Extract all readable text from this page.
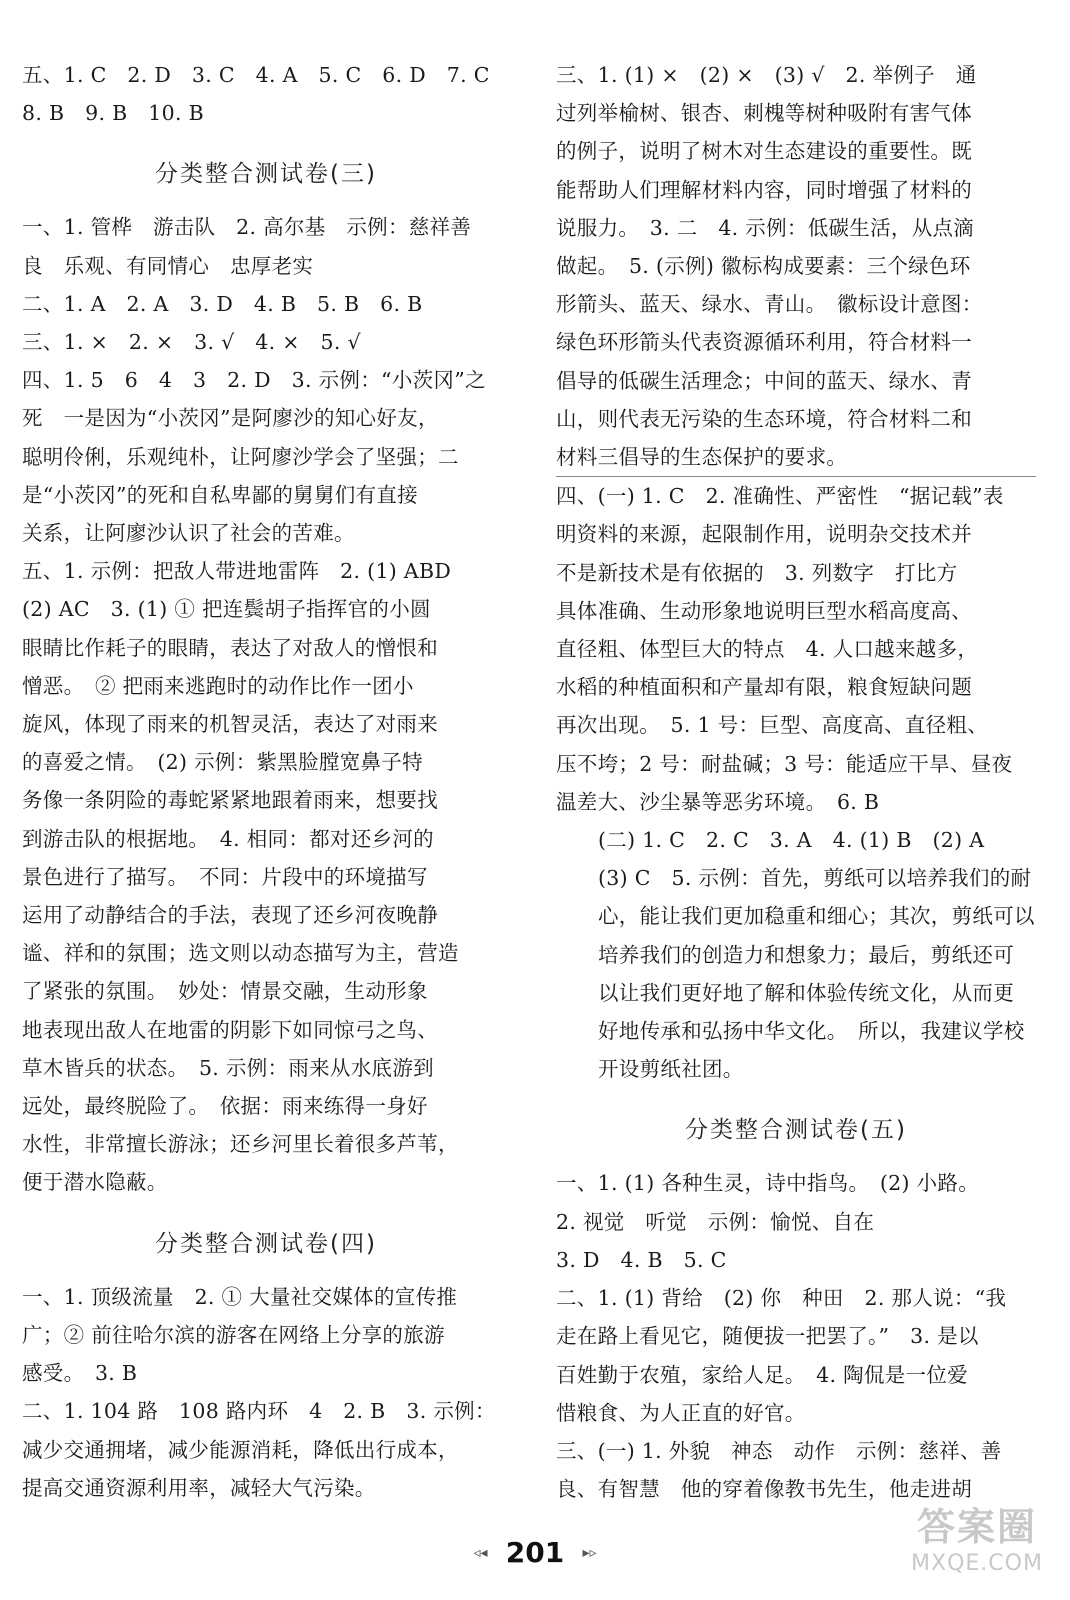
五、1. C　2. D　3. C　4. A　5. C　6. D　7. C
8. B　9. B　10. B
分类整合测试卷(三)
一、1. 管桦　游击队　2. 高尔基　示例：慈祥善
良　乐观、有同情心　忠厚老实
二、1. A　2. A　3. D　4. B　5. B　6. B
三、1. ×　2. ×　3. √　4. ×　5. √
四、1. 5　6　4　3　2. D　3. 示例：“小茨冈”之
死　一是因为“小茨冈”是阿廖沙的知心好友，
聪明伶俐，乐观纯朴，让阿廖沙学会了坚强；二
是“小茨冈”的死和自私卑鄙的舅舅们有直接
关系，让阿廖沙认识了社会的苦难。
五、1. 示例：把敌人带进地雷阵　2. (1) ABD
(2) AC　3. (1) ① 把连鬓胡子指挥官的小圆
眼睛比作耗子的眼睛，表达了对敌人的憎恨和
憎恶。　② 把雨来逃跑时的动作比作一团小
旋风，体现了雨来的机智灵活，表达了对雨来
的喜爱之情。　(2) 示例：紫黑脸膛宽鼻子特
务像一条阴险的毒蛇紧紧地跟着雨来，想要找
到游击队的根据地。　4. 相同：都对还乡河的
景色进行了描写。　不同：片段中的环境描写
运用了动静结合的手法，表现了还乡河夜晚静
谧、祥和的氛围；选文则以动态描写为主，营造
了紧张的氛围。　妙处：情景交融，生动形象
地表现出敌人在地雷的阴影下如同惊弓之鸟、
草木皆兵的状态。　5. 示例：雨来从水底游到
远处，最终脱险了。　依据：雨来练得一身好
水性，非常擅长游泳；还乡河里长着很多芦苇，
便于潜水隐蔽。
分类整合测试卷(四)
一、1. 顶级流量　2. ① 大量社交媒体的宣传推
广；② 前往哈尔滨的游客在网络上分享的旅游
感受。　3. B
二、1. 104 路　108 路内环　4　2. B　3. 示例：
减少交通拥堵，减少能源消耗，降低出行成本，
提高交通资源利用率，减轻大气污染。
三、1. (1) ×　(2) ×　(3) √　2. 举例子　通
过列举榆树、银杏、刺槐等树种吸附有害气体
的例子，说明了树木对生态建设的重要性。既
能帮助人们理解材料内容，同时增强了材料的
说服力。　3. 二　4. 示例：低碳生活，从点滴
做起。　5. (示例) 徽标构成要素：三个绿色环
形箭头、蓝天、绿水、青山。　徽标设计意图：
绿色环形箭头代表资源循环利用，符合材料一
倡导的低碳生活理念；中间的蓝天、绿水、青
山，则代表无污染的生态环境，符合材料二和
材料三倡导的生态保护的要求。
四、(一) 1. C　2. 准确性、严密性　“据记载”表
明资料的来源，起限制作用，说明杂交技术并
不是新技术是有依据的　3. 列数字　打比方
具体准确、生动形象地说明巨型水稻高度高、
直径粗、体型巨大的特点　4. 人口越来越多，
水稻的种植面积和产量却有限，粮食短缺问题
再次出现。　5. 1 号：巨型、高度高、直径粗、
压不垮；2 号：耐盐碱；3 号：能适应干旱、昼夜
温差大、沙尘暴等恶劣环境。　6. B
(二) 1. C　2. C　3. A　4. (1) B　(2) A
(3) C　5. 示例：首先，剪纸可以培养我们的耐
心，能让我们更加稳重和细心；其次，剪纸可以
培养我们的创造力和想象力；最后，剪纸还可
以让我们更好地了解和体验传统文化，从而更
好地传承和弘扬中华文化。　所以，我建议学校
开设剪纸社团。
分类整合测试卷(五)
一、1. (1) 各种生灵，诗中指鸟。　(2) 小路。
2. 视觉　听觉　示例：愉悦、自在
3. D　4. B　5. C
二、1. (1) 背给　(2) 你　种田　2. 那人说：“我
走在路上看见它，随便拔一把罢了。”　3. 是以
百姓勤于农殖，家给人足。　4. 陶侃是一位爱
惜粮食、为人正直的好官。
三、(一) 1. 外貌　神态　动作　示例：慈祥、善
良、有智慧　他的穿着像教书先生，他走进胡
◃◂ 201 ▸▹
答案圈
MXQE.COM
